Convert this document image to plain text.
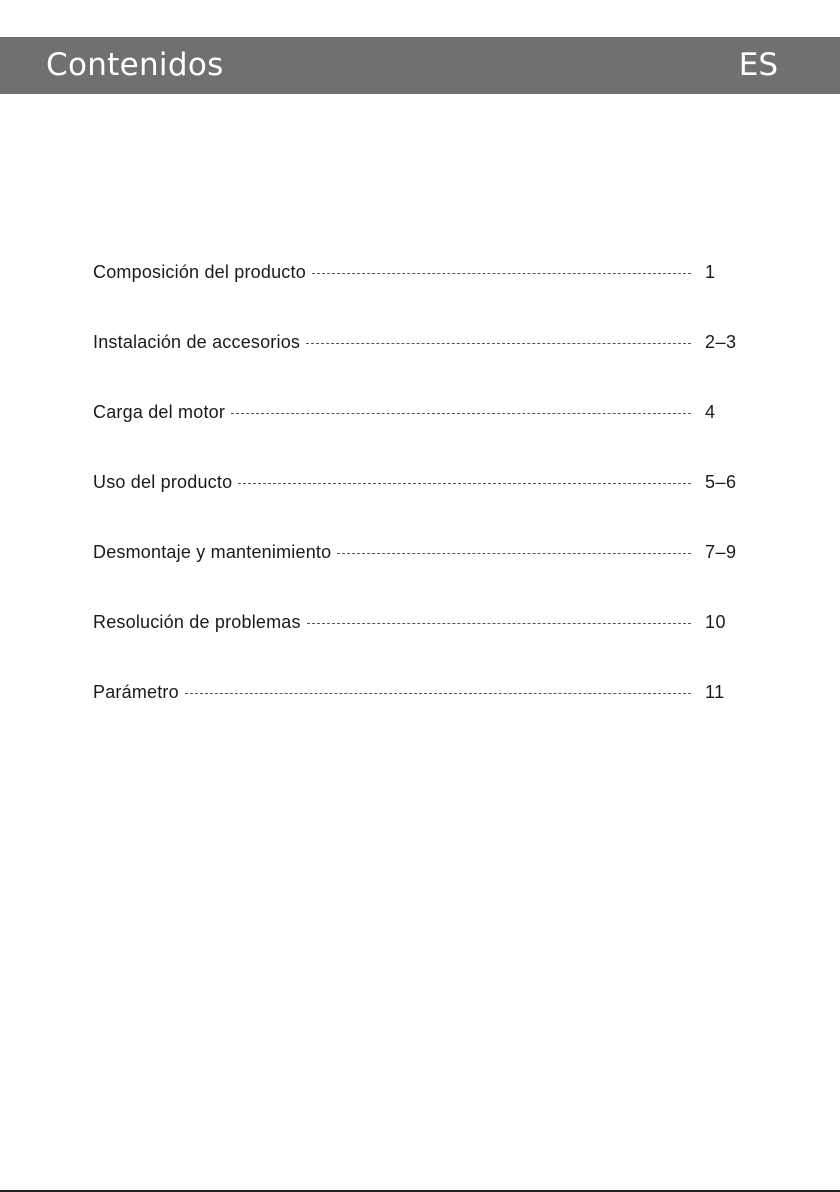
Contenidos	ES
Composición del producto	1
Instalación de accesorios	2–3
Carga del motor	4
Uso del producto	5–6
Desmontaje y mantenimiento	7–9
Resolución de problemas	10
Parámetro	11
